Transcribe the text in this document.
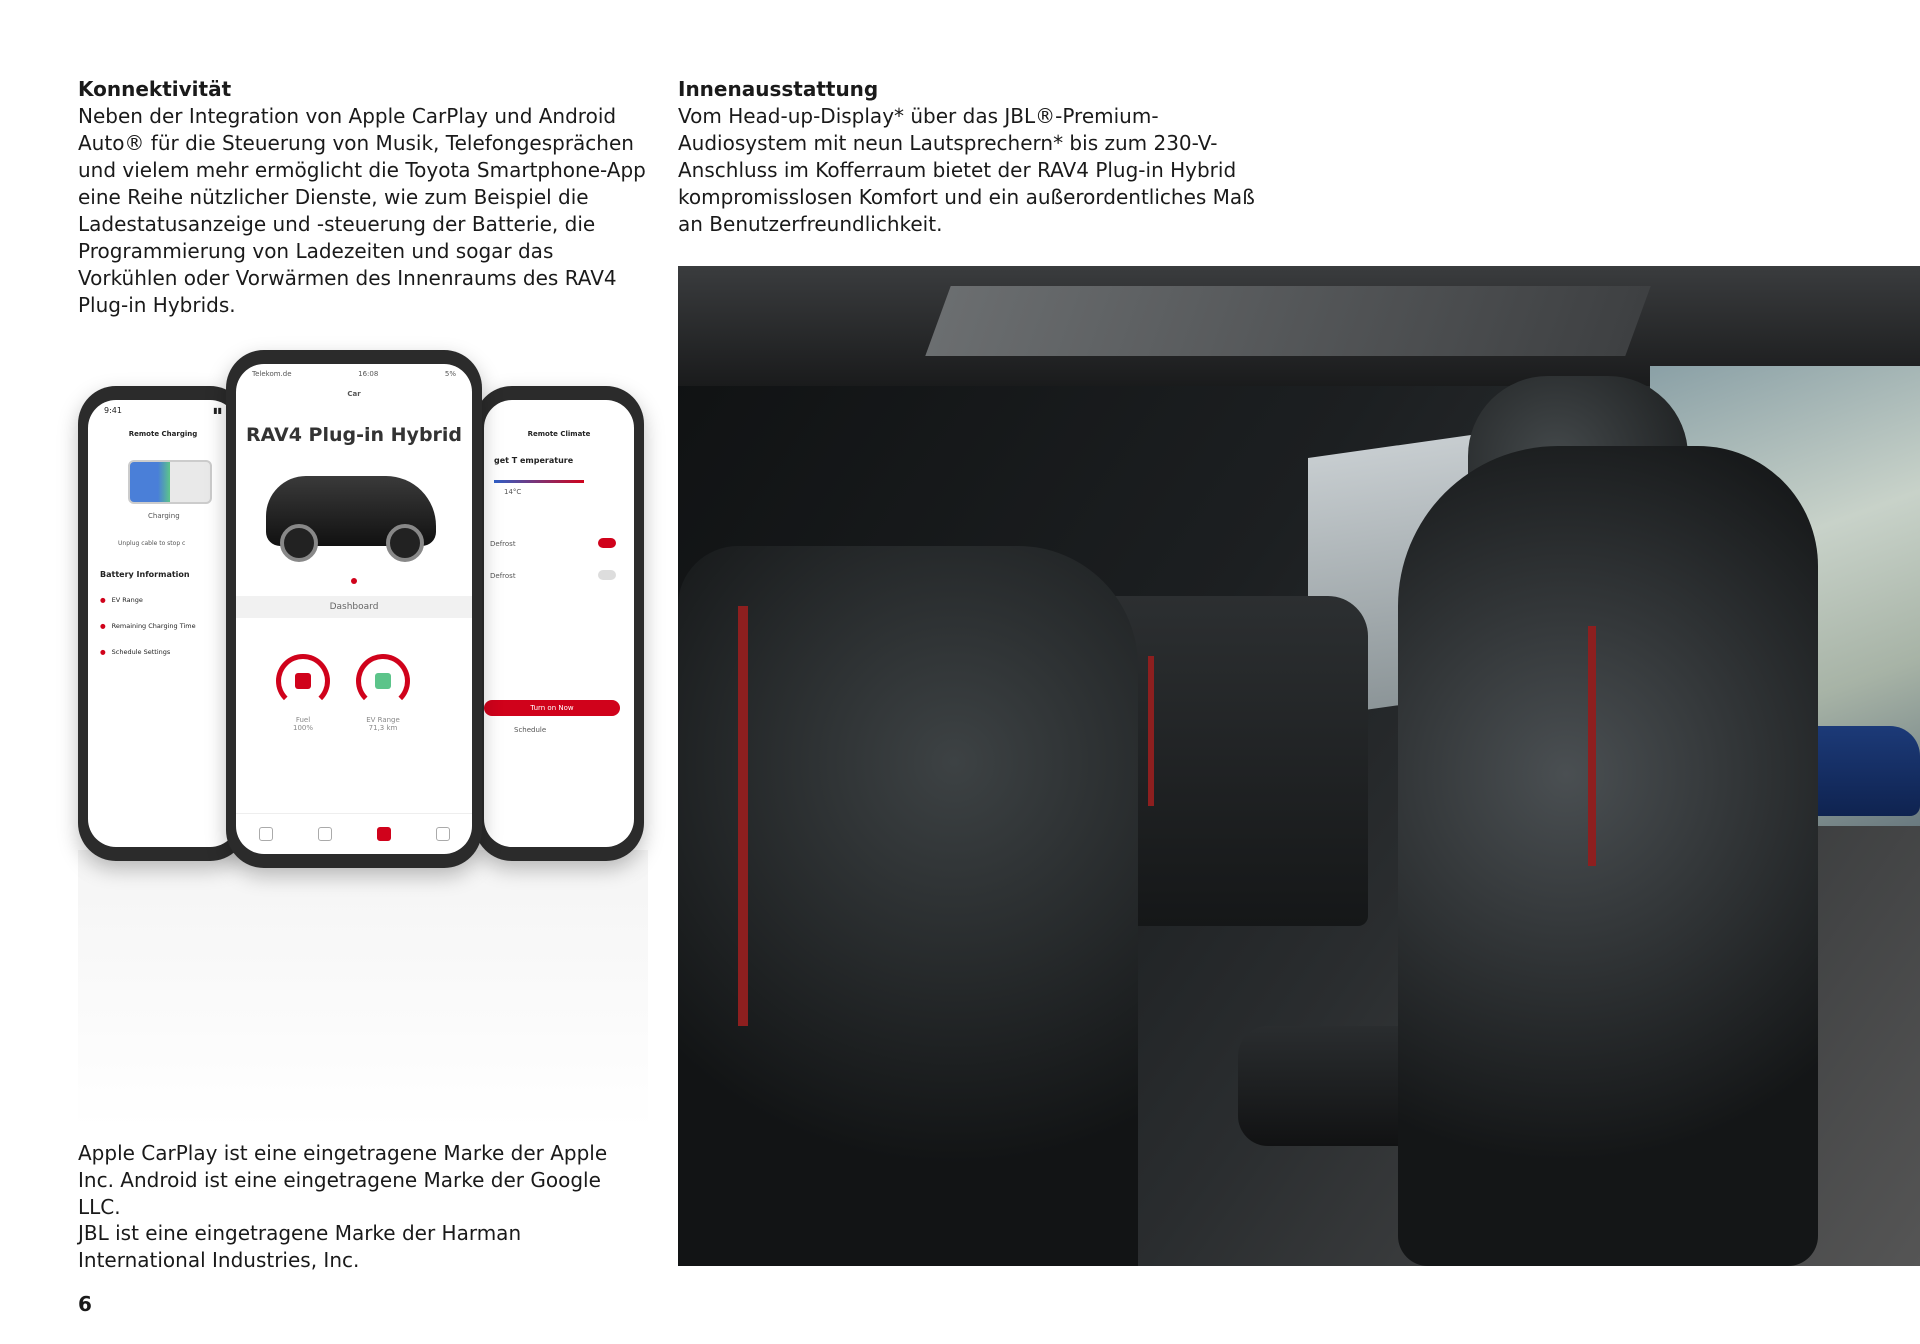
Konnektivität

Neben der Integration von Apple CarPlay und Android Auto® für die Steuerung von Musik, Telefongesprächen und vielem mehr ermöglicht die Toyota Smartphone-App eine Reihe nützlicher Dienste, wie zum Beispiel die Ladestatusanzeige und -steuerung der Batterie, die Programmierung von Ladezeiten und sogar das Vorkühlen oder Vorwärmen des Innenraums des RAV4 Plug-in Hybrids.

Innenausstattung

Vom Head-up-Display* über das JBL®-Premium-Audiosystem mit neun Lautsprechern* bis zum 230-V-Anschluss im Kofferraum bietet der RAV4 Plug-in Hybrid kompromisslosen Komfort und ein außerordentliches Maß an Benutzerfreundlichkeit.

9:41	▮▮
Remote Charging
Charging
Unplug cable to stop c
Battery Information
● EV Range
● Remaining Charging Time
● Schedule Settings
Remote Climate
get T emperature
14°C
Defrost
Defrost
Turn on Now
Schedule
Telekom.de	16:08	5%
Car
RAV4 Plug-in Hybrid
Dashboard
Fuel
100%
EV Range
71,3 km
Apple CarPlay ist eine eingetragene Marke der Apple Inc. Android ist eine eingetragene Marke der Google LLC.
JBL ist eine eingetragene Marke der Harman International Industries, Inc.
6
